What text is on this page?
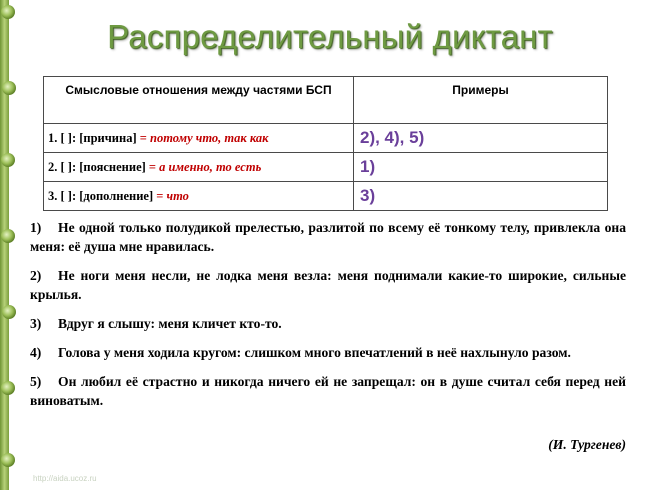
Распределительный диктант
Смысловые отношения между частями БСП	Примеры
1. [ ]: [причина] = потому что, так как	2), 4), 5)
2. [ ]: [пояснение] = а именно, то есть	1)
3. [ ]: [дополнение] = что	3)

1) Не одной только полудикой прелестью, разлитой по всему её тонкому телу, привлекла она меня: её душа мне нравилась.

2) Не ноги меня несли, не лодка меня везла: меня поднимали какие-то широкие, сильные крылья.

3) Вдруг я слышу: меня кличет кто-то.

4) Голова у меня ходила кругом: слишком много впечатлений в неё нахлынуло разом.

5) Он любил её страстно и никогда ничего ей не запрещал: он в душе считал себя перед ней виноватым.

(И. Тургенев)
http://aida.ucoz.ru
